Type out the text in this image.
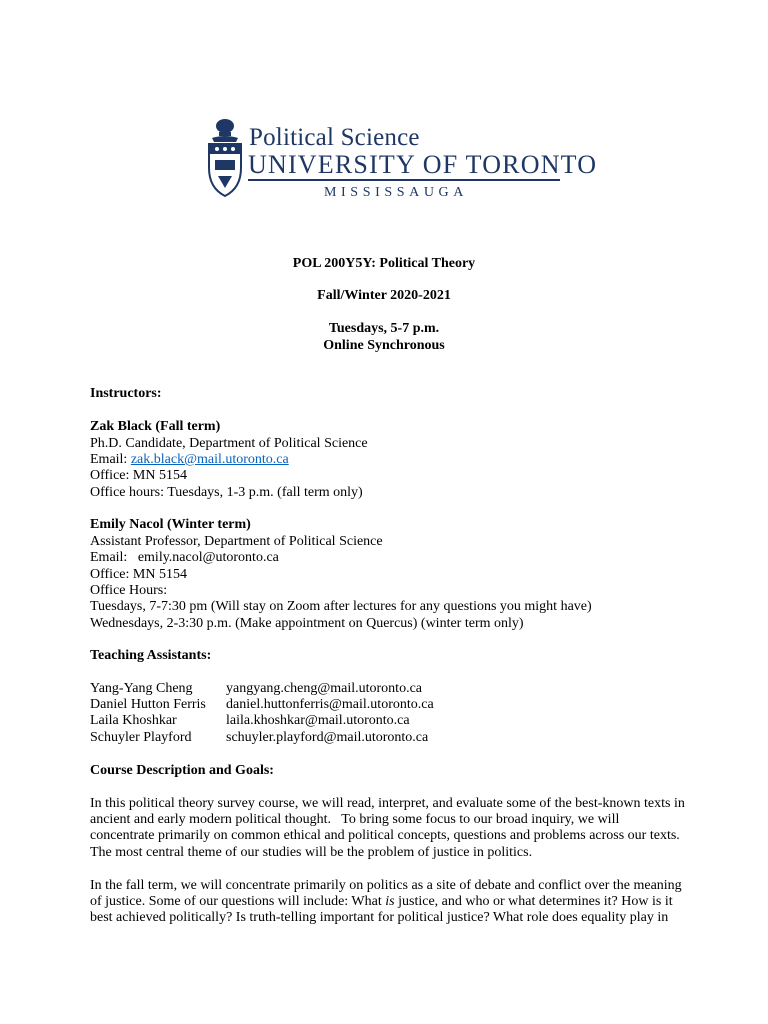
Political Science
UNIVERSITY OF TORONTO
MISSISSAUGA
POL 200Y5Y: Political Theory
Fall/Winter 2020-2021
Tuesdays, 5-7 p.m.
Online Synchronous
Instructors:
Zak Black (Fall term)
Ph.D. Candidate, Department of Political Science
Email: zak.black@mail.utoronto.ca
Office: MN 5154
Office hours: Tuesdays, 1-3 p.m. (fall term only)
Emily Nacol (Winter term)
Assistant Professor, Department of Political Science
Email:   emily.nacol@utoronto.ca
Office: MN 5154
Office Hours:
Tuesdays, 7-7:30 pm (Will stay on Zoom after lectures for any questions you might have)
Wednesdays, 2-3:30 p.m. (Make appointment on Quercus) (winter term only)
Teaching Assistants:
Yang-Yang Cheng yangyang.cheng@mail.utoronto.ca
Daniel Hutton Ferris daniel.huttonferris@mail.utoronto.ca
Laila Khoshkar	laila.khoshkar@mail.utoronto.ca
Schuyler Playford schuyler.playford@mail.utoronto.ca
Course Description and Goals:
In this political theory survey course, we will read, interpret, and evaluate some of the best-known texts in
ancient and early modern political thought.   To bring some focus to our broad inquiry, we will
concentrate primarily on common ethical and political concepts, questions and problems across our texts.
The most central theme of our studies will be the problem of justice in politics.
In the fall term, we will concentrate primarily on politics as a site of debate and conflict over the meaning
of justice. Some of our questions will include: What is justice, and who or what determines it? How is it
best achieved politically? Is truth-telling important for political justice? What role does equality play in
